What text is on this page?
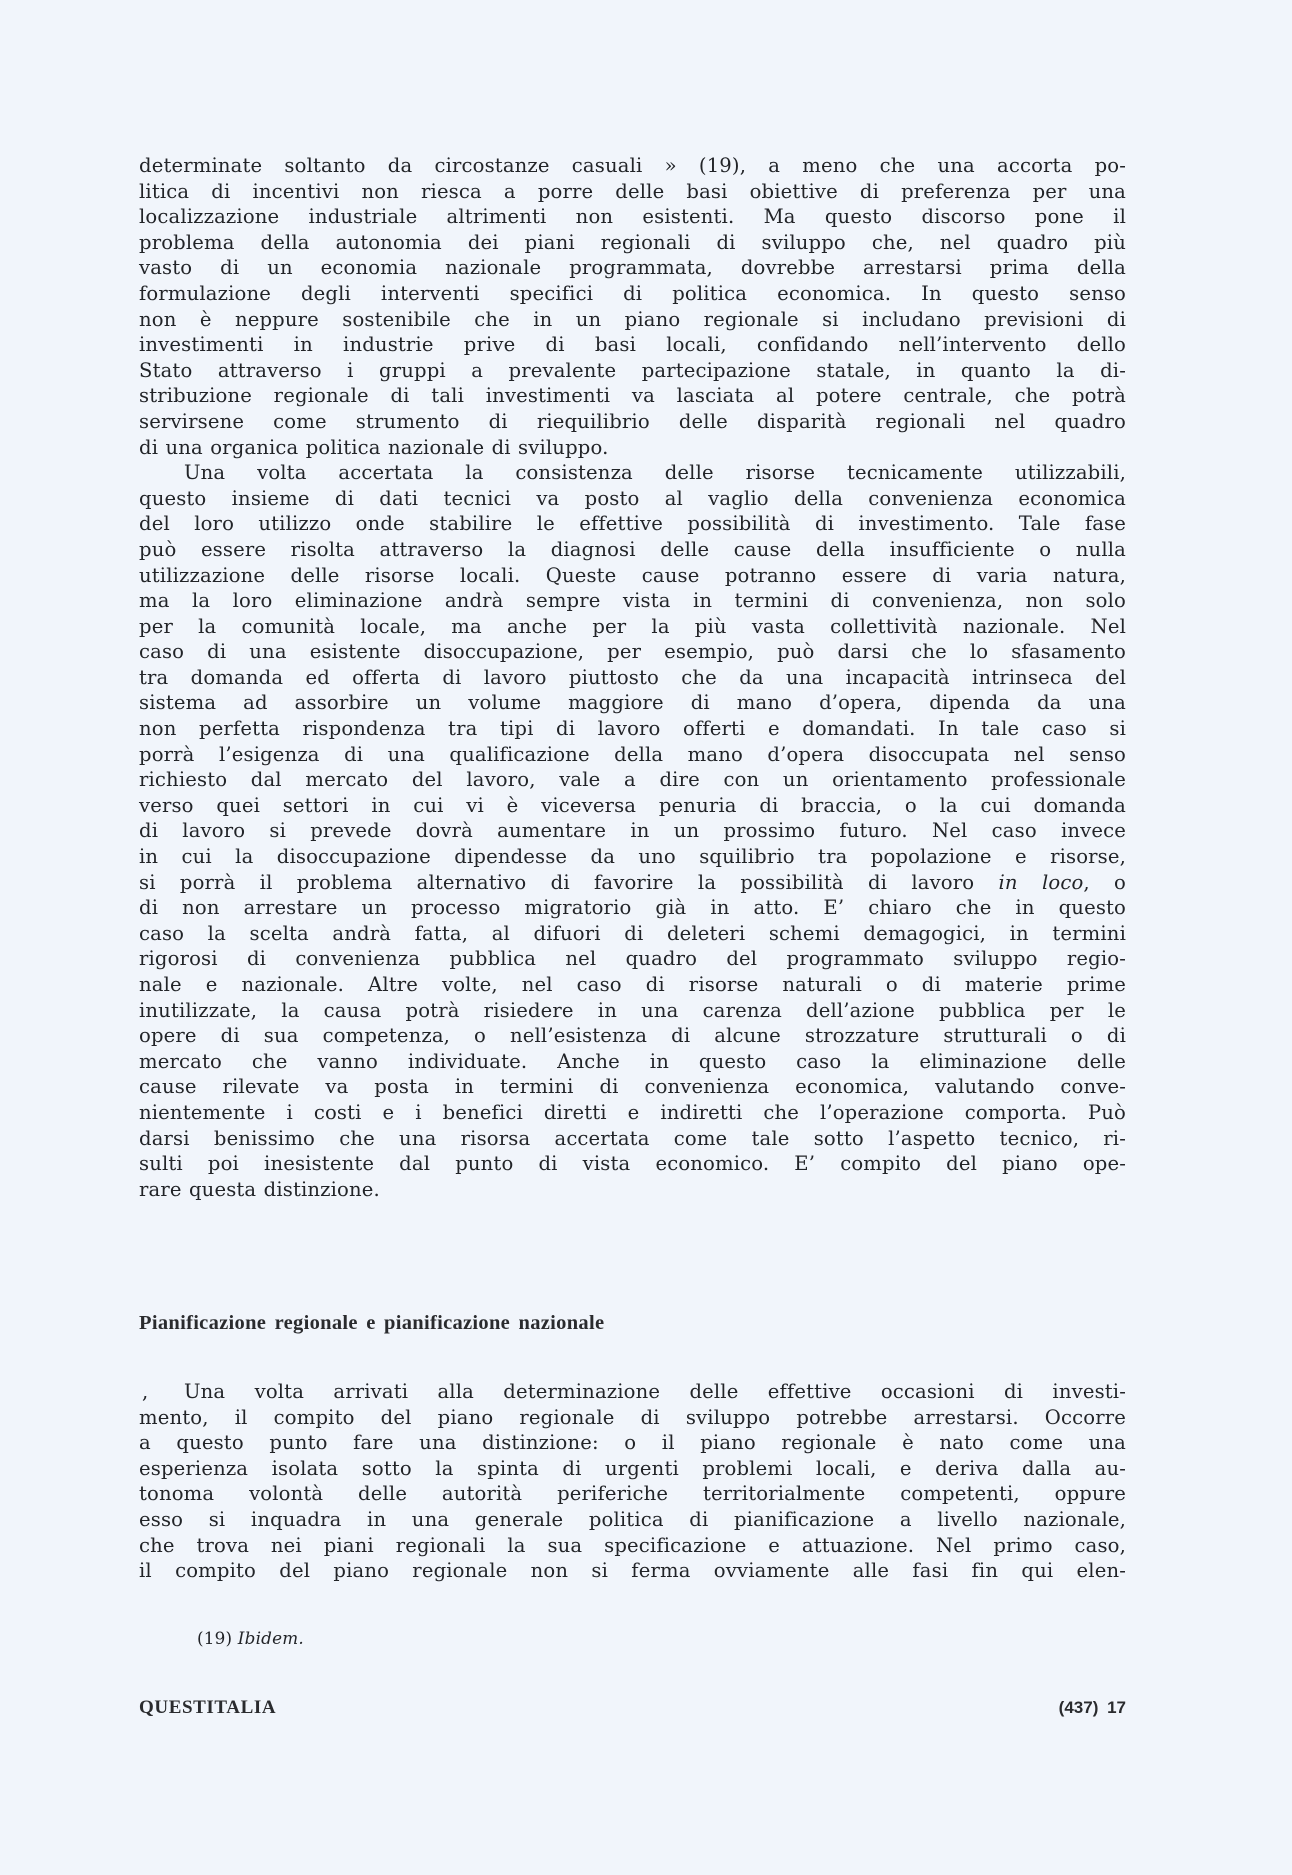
determinate soltanto da circostanze casuali » (19), a meno che una accorta po-
litica di incentivi non riesca a porre delle basi obiettive di preferenza per una
localizzazione industriale altrimenti non esistenti. Ma questo discorso pone il
problema della autonomia dei piani regionali di sviluppo che, nel quadro più
vasto di un economia nazionale programmata, dovrebbe arrestarsi prima della
formulazione degli interventi specifici di politica economica. In questo senso
non è neppure sostenibile che in un piano regionale si includano previsioni di
investimenti in industrie prive di basi locali, confidando nell’intervento dello
Stato attraverso i gruppi a prevalente partecipazione statale, in quanto la di-
stribuzione regionale di tali investimenti va lasciata al potere centrale, che potrà
servirsene come strumento di riequilibrio delle disparità regionali nel quadro
di una organica politica nazionale di sviluppo.
Una volta accertata la consistenza delle risorse tecnicamente utilizzabili,
questo insieme di dati tecnici va posto al vaglio della convenienza economica
del loro utilizzo onde stabilire le effettive possibilità di investimento. Tale fase
può essere risolta attraverso la diagnosi delle cause della insufficiente o nulla
utilizzazione delle risorse locali. Queste cause potranno essere di varia natura,
ma la loro eliminazione andrà sempre vista in termini di convenienza, non solo
per la comunità locale, ma anche per la più vasta collettività nazionale. Nel
caso di una esistente disoccupazione, per esempio, può darsi che lo sfasamento
tra domanda ed offerta di lavoro piuttosto che da una incapacità intrinseca del
sistema ad assorbire un volume maggiore di mano d’opera, dipenda da una
non perfetta rispondenza tra tipi di lavoro offerti e domandati. In tale caso si
porrà l’esigenza di una qualificazione della mano d’opera disoccupata nel senso
richiesto dal mercato del lavoro, vale a dire con un orientamento professionale
verso quei settori in cui vi è viceversa penuria di braccia, o la cui domanda
di lavoro si prevede dovrà aumentare in un prossimo futuro. Nel caso invece
in cui la disoccupazione dipendesse da uno squilibrio tra popolazione e risorse,
si porrà il problema alternativo di favorire la possibilità di lavoro in loco, o
di non arrestare un processo migratorio già in atto. E’ chiaro che in questo
caso la scelta andrà fatta, al difuori di deleteri schemi demagogici, in termini
rigorosi di convenienza pubblica nel quadro del programmato sviluppo regio-
nale e nazionale. Altre volte, nel caso di risorse naturali o di materie prime
inutilizzate, la causa potrà risiedere in una carenza dell’azione pubblica per le
opere di sua competenza, o nell’esistenza di alcune strozzature strutturali o di
mercato che vanno individuate. Anche in questo caso la eliminazione delle
cause rilevate va posta in termini di convenienza economica, valutando conve-
nientemente i costi e i benefici diretti e indiretti che l’operazione comporta. Può
darsi benissimo che una risorsa accertata come tale sotto l’aspetto tecnico, ri-
sulti poi inesistente dal punto di vista economico. E’ compito del piano ope-
rare questa distinzione.
Pianificazione regionale e pianificazione nazionale
,	Una volta arrivati alla determinazione delle effettive occasioni di investi-
mento, il compito del piano regionale di sviluppo potrebbe arrestarsi. Occorre
a questo punto fare una distinzione: o il piano regionale è nato come una
esperienza isolata sotto la spinta di urgenti problemi locali, e deriva dalla au-
tonoma volontà delle autorità periferiche territorialmente competenti, oppure
esso si inquadra in una generale politica di pianificazione a livello nazionale,
che trova nei piani regionali la sua specificazione e attuazione. Nel primo caso,
il compito del piano regionale non si ferma ovviamente alle fasi fin qui elen-
(19) Ibidem.
QUESTITALIA	(437) 17
